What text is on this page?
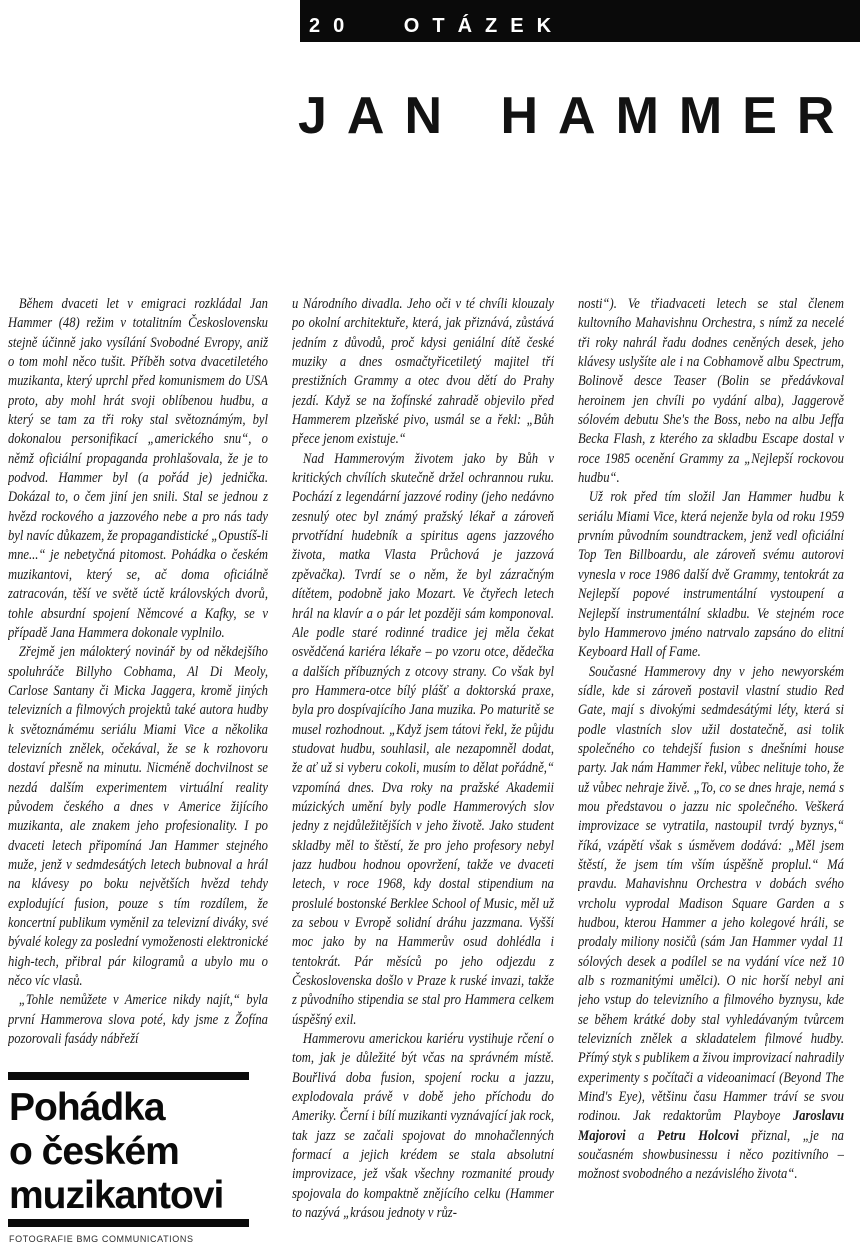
20 OTÁZEK
JAN HAMMER

Během dvaceti let v emigraci rozkládal Jan Hammer (48) režim v totalitním Československu stejně účinně jako vysílání Svobodné Evropy, aniž o tom mohl něco tušit. Příběh sotva dvacetiletého muzikanta, který uprchl před komunismem do USA proto, aby mohl hrát svoji oblíbenou hudbu, a který se tam za tři roky stal světoznámým, byl dokonalou personifikací „amerického snu“, o němž oficiální propaganda prohlašovala, že je to podvod. Hammer byl (a pořád je) jednička. Dokázal to, o čem jiní jen snili. Stal se jednou z hvězd rockového a jazzového nebe a pro nás tady byl navíc důkazem, že propagandistické „Opustíš-li mne...“ je nebetyčná pitomost. Pohádka o českém muzikantovi, který se, ač doma oficiálně zatracován, těší ve světě úctě královských dvorů, tohle absurdní spojení Němcové a Kafky, se v případě Jana Hammera dokonale vyplnilo.

Zřejmě jen málokterý novinář by od někdejšího spoluhráče Billyho Cobhama, Al Di Meoly, Carlose Santany či Micka Jaggera, kromě jiných televizních a filmových projektů také autora hudby k světoznámému seriálu Miami Vice a několika televizních znělek, očekával, že se k rozhovoru dostaví přesně na minutu. Nicméně dochvilnost se nezdá dalším experimentem virtuální reality původem českého a dnes v Americe žijícího muzikanta, ale znakem jeho profesionality. I po dvaceti letech připomíná Jan Hammer stejného muže, jenž v sedmdesátých letech bubnoval a hrál na klávesy po boku největších hvězd tehdy explodující fusion, pouze s tím rozdílem, že koncertní publikum vyměnil za televizní diváky, své bývalé kolegy za poslední vymoženosti elektronické high-tech, přibral pár kilogramů a ubylo mu o něco víc vlasů.

„Tohle nemůžete v Americe nikdy najít,“ byla první Hammerova slova poté, kdy jsme z Žofína pozorovali fasády nábřeží

u Národního divadla. Jeho oči v té chvíli klouzaly po okolní architektuře, která, jak přiznává, zůstává jedním z důvodů, proč kdysi geniální dítě české muziky a dnes osmačtyřicetiletý majitel tří prestižních Grammy a otec dvou dětí do Prahy jezdí. Když se na žofínské zahradě objevilo před Hammerem plzeňské pivo, usmál se a řekl: „Bůh přece jenom existuje.“

Nad Hammerovým životem jako by Bůh v kritických chvílích skutečně držel ochrannou ruku. Pochází z legendární jazzové rodiny (jeho nedávno zesnulý otec byl známý pražský lékař a zároveň prvotřídní hudebník a spiritus agens jazzového života, matka Vlasta Průchová je jazzová zpěvačka). Tvrdí se o něm, že byl zázračným dítětem, podobně jako Mozart. Ve čtyřech letech hrál na klavír a o pár let později sám komponoval. Ale podle staré rodinné tradice jej měla čekat osvědčená kariéra lékaře – po vzoru otce, dědečka a dalších příbuzných z otcovy strany. Co však byl pro Hammera-otce bílý plášť a doktorská praxe, byla pro dospívajícího Jana muzika. Po maturitě se musel rozhodnout. „Když jsem tátovi řekl, že půjdu studovat hudbu, souhlasil, ale nezapomněl dodat, že ať už si vyberu cokoli, musím to dělat pořádně,“ vzpomíná dnes. Dva roky na pražské Akademii múzických umění byly podle Hammerových slov jedny z nejdůležitějších v jeho životě. Jako student skladby měl to štěstí, že pro jeho profesory nebyl jazz hudbou hodnou opovržení, takže ve dvaceti letech, v roce 1968, kdy dostal stipendium na proslulé bostonské Berklee School of Music, měl už za sebou v Evropě solidní dráhu jazzmana. Vyšší moc jako by na Hammerův osud dohlédla i tentokrát. Pár měsíců po jeho odjezdu z Československa došlo v Praze k ruské invazi, takže z původního stipendia se stal pro Hammera celkem úspěšný exil.

Hammerovu americkou kariéru vystihuje rčení o tom, jak je důležité být včas na správném místě. Bouřlivá doba fusion, spojení rocku a jazzu, explodovala právě v době jeho příchodu do Ameriky. Černí i bílí muzikanti vyznávající jak rock, tak jazz se začali spojovat do mnohačlenných formací a jejich krédem se stala absolutní improvizace, jež však všechny rozmanité proudy spojovala do kompaktně znějícího celku (Hammer to nazývá „krásou jednoty v růz-

nosti“). Ve třiadvaceti letech se stal členem kultovního Mahavishnu Orchestra, s nímž za necelé tři roky nahrál řadu dodnes ceněných desek, jeho klávesy uslyšíte ale i na Cobhamově albu Spectrum, Bolinově desce Teaser (Bolin se předávkoval heroinem jen chvíli po vydání alba), Jaggerově sólovém debutu She's the Boss, nebo na albu Jeffa Becka Flash, z kterého za skladbu Escape dostal v roce 1985 ocenění Grammy za „Nejlepší rockovou hudbu“.

Už rok před tím složil Jan Hammer hudbu k seriálu Miami Vice, která nejenže byla od roku 1959 prvním původním soundtrackem, jenž vedl oficiální Top Ten Billboardu, ale zároveň svému autorovi vynesla v roce 1986 další dvě Grammy, tentokrát za Nejlepší popové instrumentální vystoupení a Nejlepší instrumentální skladbu. Ve stejném roce bylo Hammerovo jméno natrvalo zapsáno do elitní Keyboard Hall of Fame.

Současné Hammerovy dny v jeho newyorském sídle, kde si zároveň postavil vlastní studio Red Gate, mají s divokými sedmdesátými léty, která si podle vlastních slov užil dostatečně, asi tolik společného co tehdejší fusion s dnešními house party. Jak nám Hammer řekl, vůbec nelituje toho, že už vůbec nehraje živě. „To, co se dnes hraje, nemá s mou představou o jazzu nic společného. Veškerá improvizace se vytratila, nastoupil tvrdý byznys,“ říká, vzápětí však s úsměvem dodává: „Měl jsem štěstí, že jsem tím vším úspěšně proplul.“ Má pravdu. Mahavishnu Orchestra v dobách svého vrcholu vyprodal Madison Square Garden a s hudbou, kterou Hammer a jeho kolegové hráli, se prodaly miliony nosičů (sám Jan Hammer vydal 11 sólových desek a podílel se na vydání více než 10 alb s rozmanitými umělci). O nic horší nebyl ani jeho vstup do televizního a filmového byznysu, kde se během krátké doby stal vyhledávaným tvůrcem televizních znělek a skladatelem filmové hudby. Přímý styk s publikem a živou improvizací nahradily experimenty s počítači a videoanimací (Beyond The Mind's Eye), většinu času Hammer tráví se svou rodinou. Jak redaktorům Playboye Jaroslavu Majorovi a Petru Holcovi přiznal, „je na současném showbusinessu i něco pozitivního – možnost svobodného a nezávislého života“.

Pohádka
o českém
muzikantovi
FOTOGRAFIE BMG COMMUNICATIONS
